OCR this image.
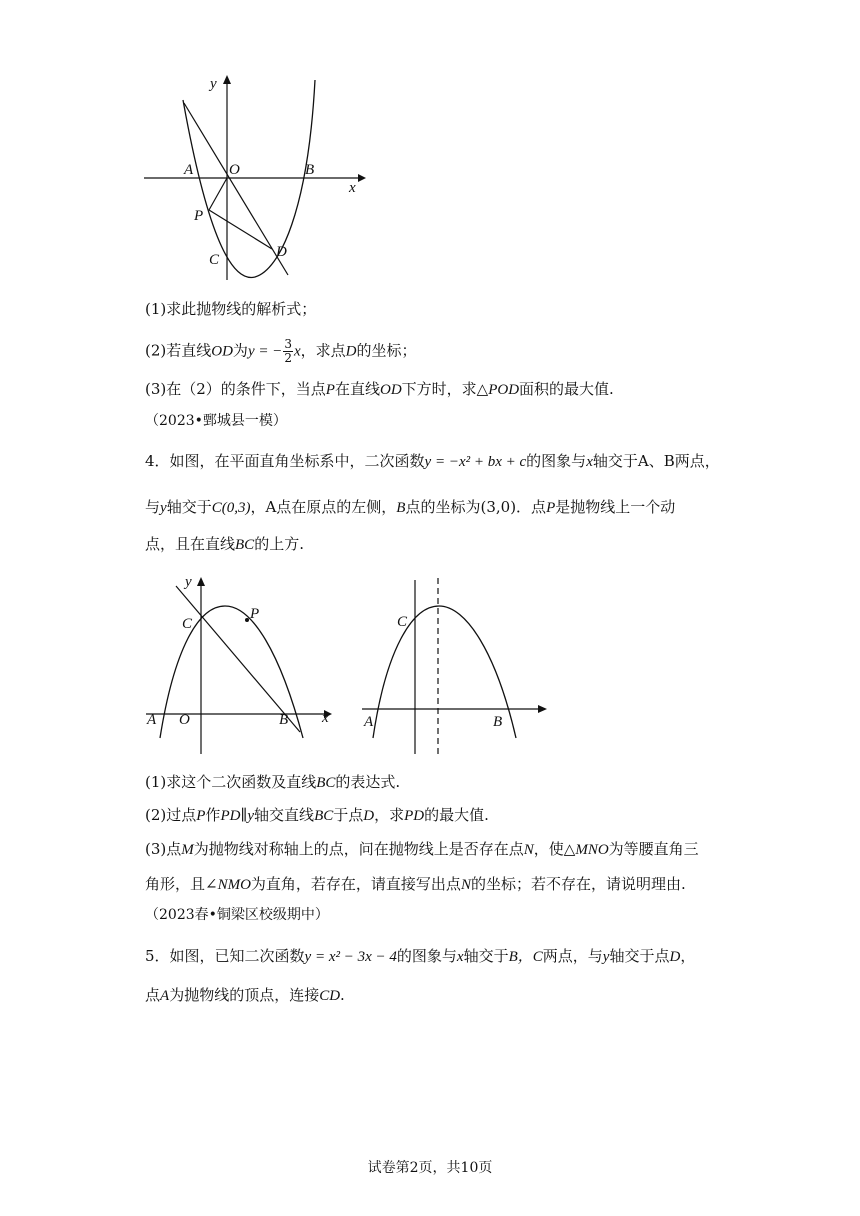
y
x
A O	B
P
C	D
(1)求此抛物线的解析式；
(2)若直线OD为y = − $\frac{3}{2}$ x，求点D的坐标；
(3)在（2）的条件下，当点P在直线OD下方时，求△POD面积的最大值.
（2023•鄄城县一模）
4．如图，在平面直角坐标系中，二次函数y = −x² + bx + c的图象与x轴交于A、B两点，
与y轴交于C(0,3)，A点在原点的左侧，B点的坐标为(3,0)．点P是抛物线上一个动
点，且在直线BC的上方.
y
x
C
P
A O	B
C
A	B
(1)求这个二次函数及直线BC的表达式.
(2)过点P作PD∥y轴交直线BC于点D，求PD的最大值.
(3)点M为抛物线对称轴上的点，问在抛物线上是否存在点N，使△MNO为等腰直角三
角形，且∠NMO为直角，若存在，请直接写出点N的坐标；若不存在，请说明理由.
（2023春•铜梁区校级期中）
5．如图，已知二次函数y = x² − 3x − 4的图象与x轴交于B，C两点，与y轴交于点D，
点A为抛物线的顶点，连接CD.
试卷第2页，共10页
